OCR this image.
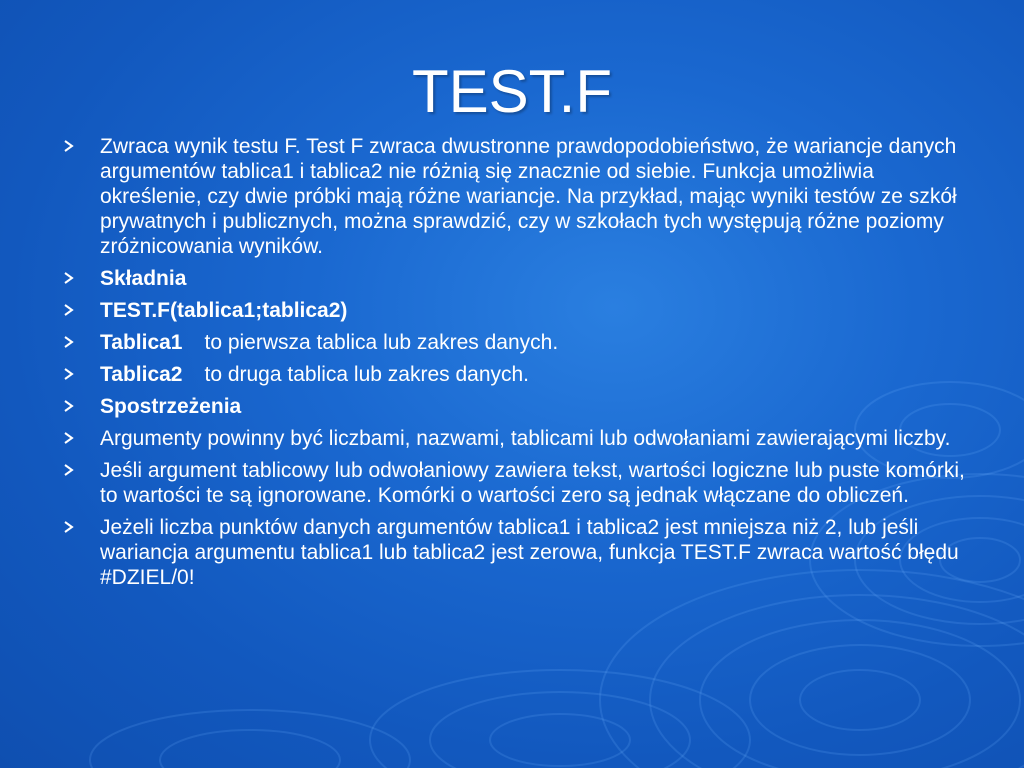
TEST.F
Zwraca wynik testu F. Test F zwraca dwustronne prawdopodobieństwo, że wariancje danych argumentów tablica1 i tablica2 nie różnią się znacznie od siebie. Funkcja umożliwia określenie, czy dwie próbki mają różne wariancje. Na przykład, mając wyniki testów ze szkół prywatnych i publicznych, można sprawdzić, czy w szkołach tych występują różne poziomy zróżnicowania wyników.
Składnia
TEST.F(tablica1;tablica2)
Tablica1 to pierwsza tablica lub zakres danych.
Tablica2 to druga tablica lub zakres danych.
Spostrzeżenia
Argumenty powinny być liczbami, nazwami, tablicami lub odwołaniami zawierającymi liczby.
Jeśli argument tablicowy lub odwołaniowy zawiera tekst, wartości logiczne lub puste komórki, to wartości te są ignorowane. Komórki o wartości zero są jednak włączane do obliczeń.
Jeżeli liczba punktów danych argumentów tablica1 i tablica2 jest mniejsza niż 2, lub jeśli wariancja argumentu tablica1 lub tablica2 jest zerowa, funkcja TEST.F zwraca wartość błędu #DZIEL/0!
